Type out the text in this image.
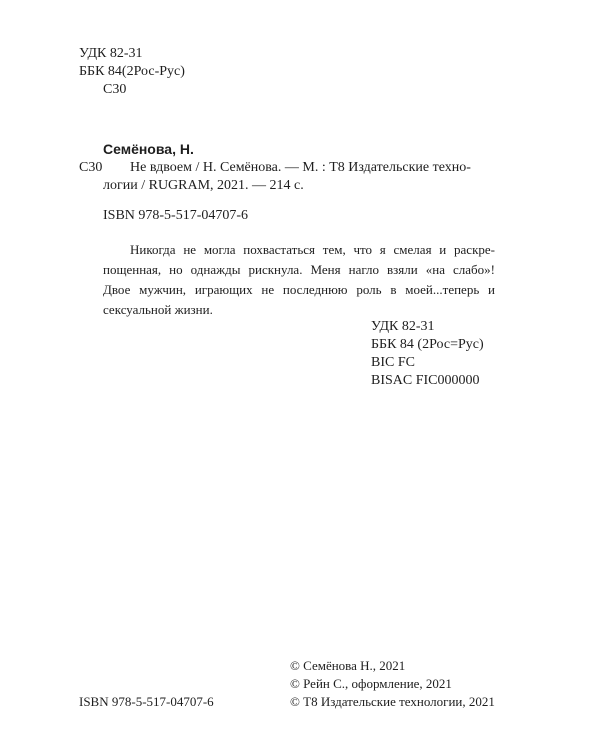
УДК 82-31
ББК 84(2Рос-Рус)
С30
Семёнова, Н.
С30 Не вдвоем / Н. Семёнова. — М. : Т8 Издательские техно-
логии / RUGRAM, 2021. — 214 с.
ISBN 978-5-517-04707-6
Никогда не могла похвастаться тем, что я смелая и раскре-
пощенная, но однажды рискнула. Меня нагло взяли «на слабо»!
Двое мужчин, играющих не последнюю роль в моей...теперь и
сексуальной жизни.
УДК 82-31
ББК 84 (2Рос=Рус)
BIC FC
BISAC FIC000000
ISBN 978-5-517-04707-6
© Семёнова Н., 2021
© Рейн С., оформление, 2021
© Т8 Издательские технологии, 2021
